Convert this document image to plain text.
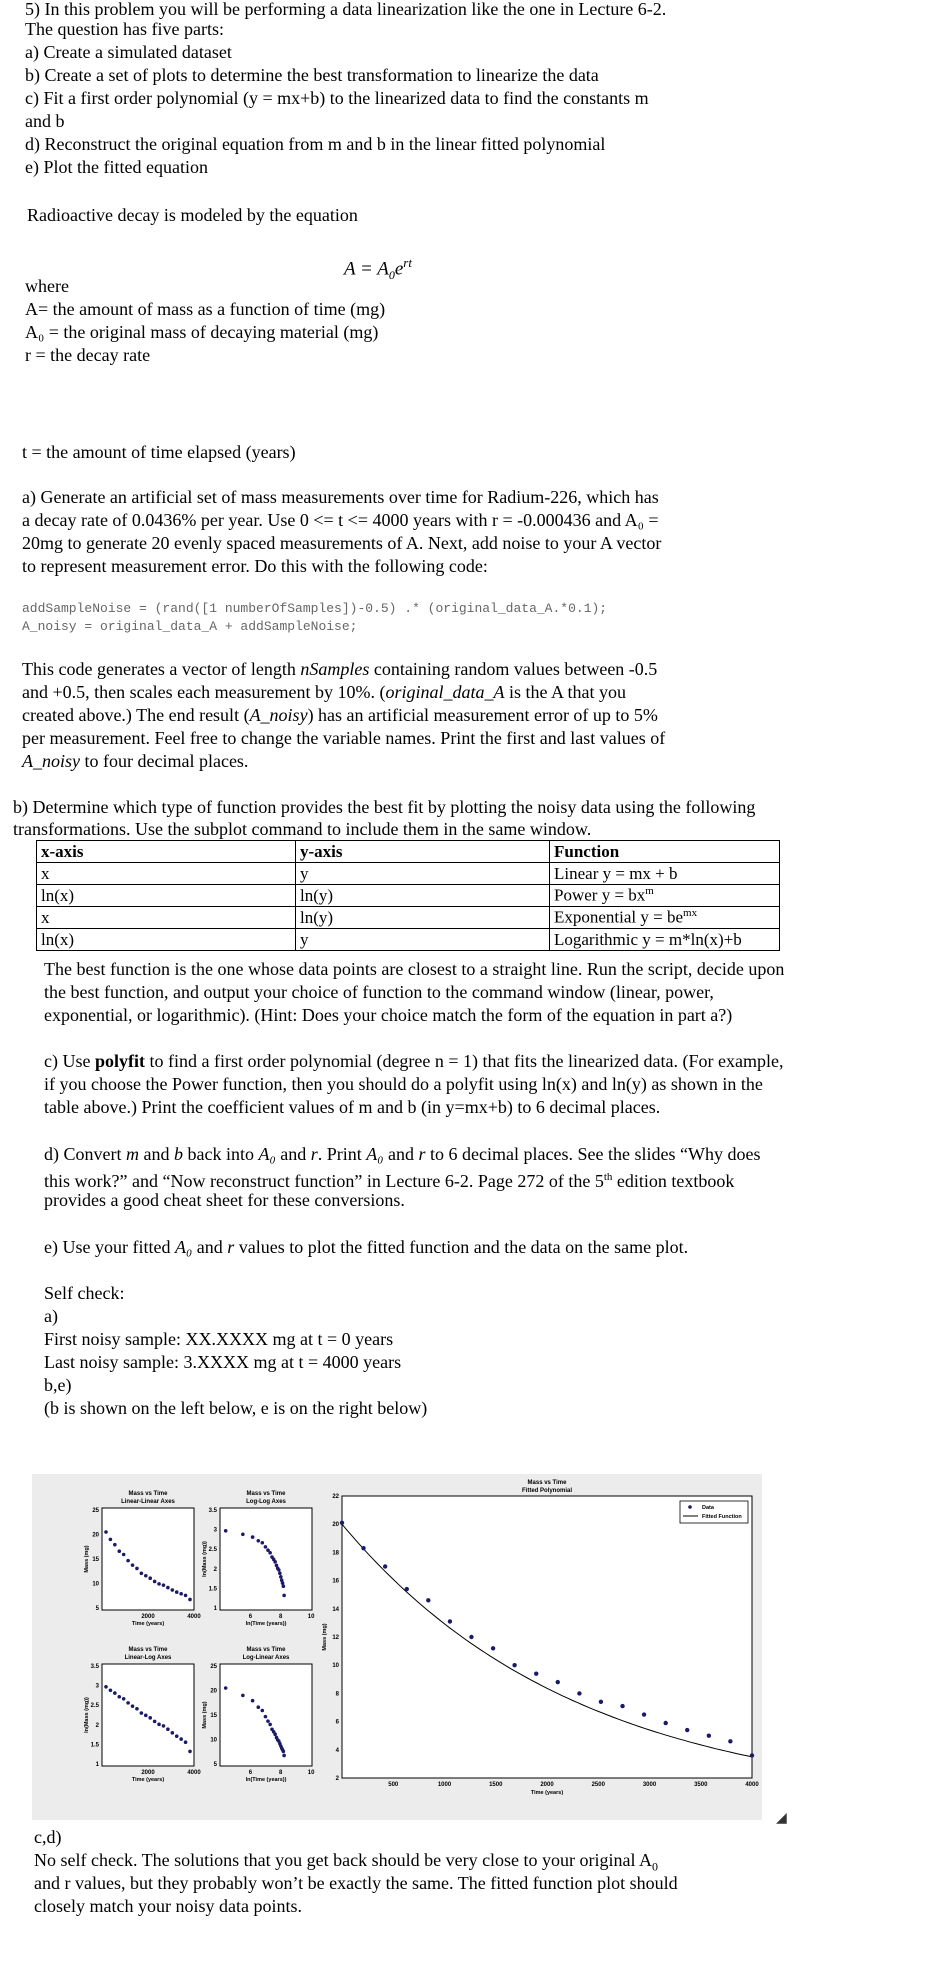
5) In this problem you will be performing a data linearization like the one in Lecture 6-2.
The question has five parts:
a) Create a simulated dataset
b) Create a set of plots to determine the best transformation to linearize the data
c) Fit a first order polynomial (y = mx+b) to the linearized data to find the constants m
and b
d) Reconstruct the original equation from m and b in the linear fitted polynomial
e) Plot the fitted equation
Radioactive decay is modeled by the equation
$A = A_0e^{rt}$
where
A= the amount of mass as a function of time (mg)
A₀ = the original mass of decaying material (mg)
r = the decay rate
t = the amount of time elapsed (years)
a) Generate an artificial set of mass measurements over time for Radium-226, which has
a decay rate of 0.0436% per year. Use 0 <= t <= 4000 years with r = -0.000436 and A₀ =
20mg to generate 20 evenly spaced measurements of A. Next, add noise to your A vector
to represent measurement error. Do this with the following code:
addSampleNoise = (rand([1 numberOfSamples])-0.5) .* (original_data_A.*0.1);
A_noisy = original_data_A + addSampleNoise;
This code generates a vector of length nSamples containing random values between -0.5
and +0.5, then scales each measurement by 10%. (original_data_A is the A that you
created above.) The end result (A_noisy) has an artificial measurement error of up to 5%
per measurement. Feel free to change the variable names. Print the first and last values of
A_noisy to four decimal places.
b) Determine which type of function provides the best fit by plotting the noisy data using the following
transformations. Use the subplot command to include them in the same window.
x-axis	y-axis	Function
x	y	Linear y = mx + b
ln(x)	ln(y)	Power $y = bx^m$
x	ln(y)	Exponential $y = be^{mx}$
ln(x)	y	Logarithmic y = m*ln(x)+b
The best function is the one whose data points are closest to a straight line. Run the script, decide upon
the best function, and output your choice of function to the command window (linear, power,
exponential, or logarithmic). (Hint: Does your choice match the form of the equation in part a?)
c) Use polyfit to find a first order polynomial (degree n = 1) that fits the linearized data. (For example,
if you choose the Power function, then you should do a polyfit using ln(x) and ln(y) as shown in the
table above.) Print the coefficient values of m and b (in y=mx+b) to 6 decimal places.
d) Convert m and b back into A₀ and r. Print A₀ and r to 6 decimal places. See the slides “Why does
this work?” and “Now reconstruct function” in Lecture 6-2. Page 272 of the 5th edition textbook
provides a good cheat sheet for these conversions.
e) Use your fitted A₀ and r values to plot the fitted function and the data on the same plot.
Self check:
a)
First noisy sample: XX.XXXX mg at t = 0 years
Last noisy sample: 3.XXXX mg at t = 4000 years
b,e)
(b is shown on the left below, e is on the right below)
Mass vs Time
Linear-Linear Axes
Time (years)
Mass (mg)
25
20
15
10
5
2000	4000
Mass vs Time
Log-Log Axes
ln(Time (years))
ln(Mass (mg))
3.5
3
2.5
2
1.5
1
6	8	10
Mass vs Time
Linear-Log Axes
Time (years)
ln(Mass (mg))
3.5
3
2.5
2
1.5
1
2000	4000
Mass vs Time
Log-Linear Axes
ln(Time (years))
Mass (mg)
25
20
15
10
5
6	8	10
Mass vs Time
Fitted Polynomial
Time (years)
Mass (mg)
22
20
18
16
14
12
10
8
6
4
2
500	1000	1500	2000	2500	3000	3500	4000
Data
Fitted Function
◢
c,d)
No self check. The solutions that you get back should be very close to your original $A_0$
and r values, but they probably won’t be exactly the same. The fitted function plot should
closely match your noisy data points.
